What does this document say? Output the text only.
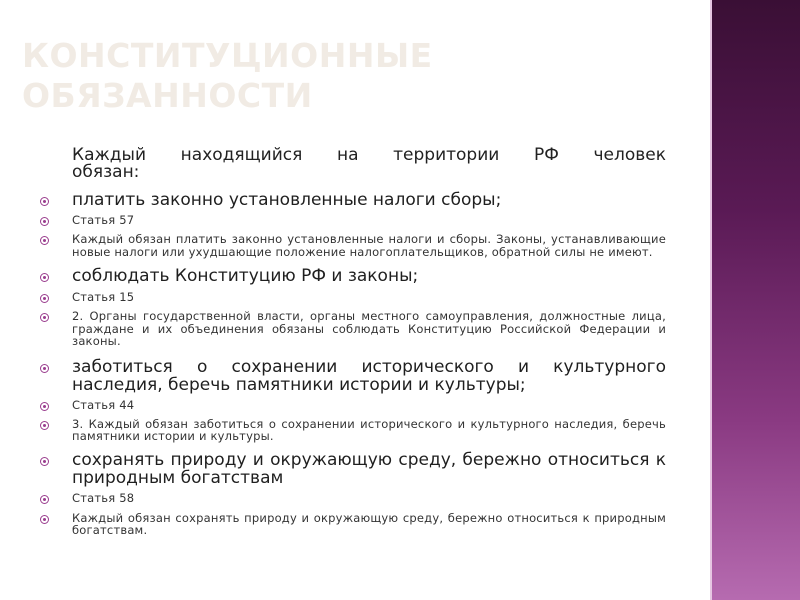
КОНСТИТУЦИОННЫЕ
ОБЯЗАННОСТИ
Каждый находящийся на территории РФ человек
обязан:
платить законно установленные налоги сборы;
Статья 57
Каждый обязан платить законно установленные налоги и сборы. Законы, устанавливающие новые налоги или ухудшающие положение налогоплательщиков, обратной силы не имеют.
соблюдать Конституцию РФ и законы;
Статья 15
2. Органы государственной власти, органы местного самоуправления, должностные лица, граждане и их объединения обязаны соблюдать Конституцию Российской Федерации и законы.
заботиться о сохранении исторического и культурного наследия, беречь памятники истории и культуры;
Статья 44
3. Каждый обязан заботиться о сохранении исторического и культурного наследия, беречь памятники истории и культуры.
сохранять природу и окружающую среду, бережно относиться к природным богатствам
Статья 58
Каждый обязан сохранять природу и окружающую среду, бережно относиться к природным богатствам.
